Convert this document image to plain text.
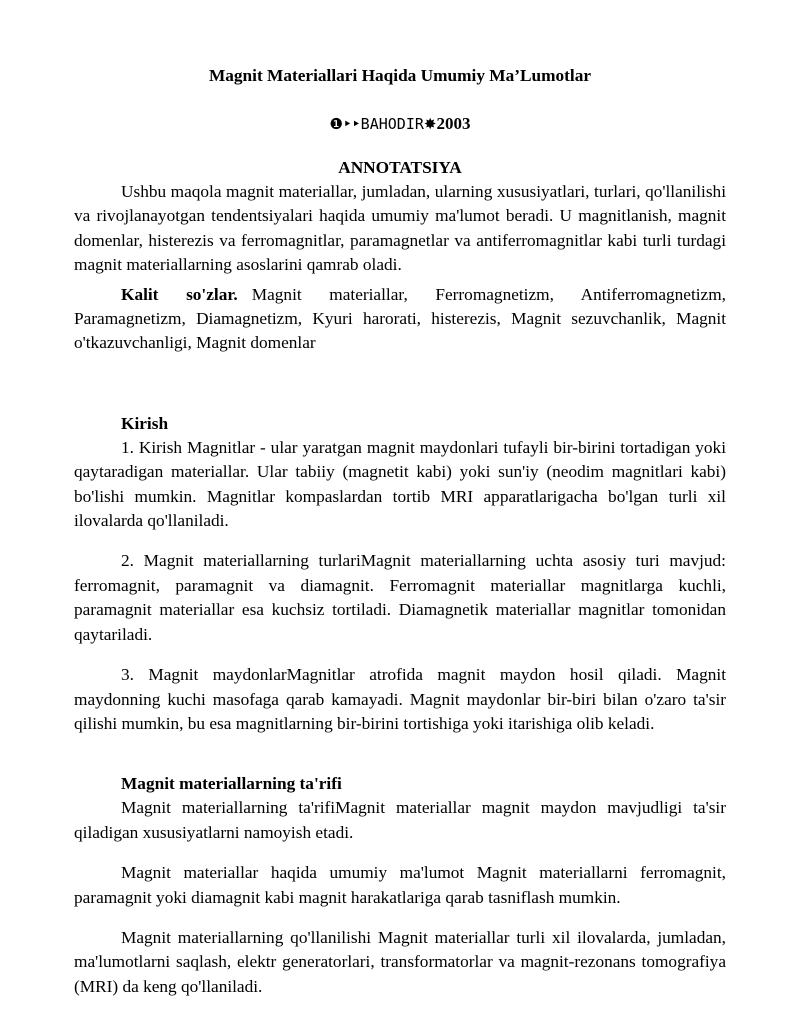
Magnit Materiallari Haqida Umumiy Ma’Lumotlar
❶‣‣BAHODIR✸2003
ANNOTATSIYA

Ushbu maqola magnit materiallar, jumladan, ularning xususiyatlari, turlari, qo'llanilishi va rivojlanayotgan tendentsiyalari haqida umumiy ma'lumot beradi. U magnitlanish, magnit domenlar, histerezis va ferromagnitlar, paramagnetlar va antiferromagnitlar kabi turli turdagi magnit materiallarning asoslarini qamrab oladi.

Kalit so'zlar. Magnit materiallar, Ferromagnetizm, Antiferromagnetizm, Paramagnetizm, Diamagnetizm, Kyuri harorati, histerezis, Magnit sezuvchanlik, Magnit o'tkazuvchanligi, Magnit domenlar

Kirish

1. Kirish Magnitlar - ular yaratgan magnit maydonlari tufayli bir-birini tortadigan yoki qaytaradigan materiallar. Ular tabiiy (magnetit kabi) yoki sun'iy (neodim magnitlari kabi) bo'lishi mumkin. Magnitlar kompaslardan tortib MRI apparatlarigacha bo'lgan turli xil ilovalarda qo'llaniladi.

2. Magnit materiallarning turlariMagnit materiallarning uchta asosiy turi mavjud: ferromagnit, paramagnit va diamagnit. Ferromagnit materiallar magnitlarga kuchli, paramagnit materiallar esa kuchsiz tortiladi. Diamagnetik materiallar magnitlar tomonidan qaytariladi.

3. Magnit maydonlarMagnitlar atrofida magnit maydon hosil qiladi. Magnit maydonning kuchi masofaga qarab kamayadi. Magnit maydonlar bir-biri bilan o'zaro ta'sir qilishi mumkin, bu esa magnitlarning bir-birini tortishiga yoki itarishiga olib keladi.

Magnit materiallarning ta'rifi

Magnit materiallarning ta'rifiMagnit materiallar magnit maydon mavjudligi ta'sir qiladigan xususiyatlarni namoyish etadi.

Magnit materiallar haqida umumiy ma'lumot Magnit materiallarni ferromagnit, paramagnit yoki diamagnit kabi magnit harakatlariga qarab tasniflash mumkin.

Magnit materiallarning qo'llanilishi Magnit materiallar turli xil ilovalarda, jumladan, ma'lumotlarni saqlash, elektr generatorlari, transformatorlar va magnit-rezonans tomografiya (MRI) da keng qo'llaniladi.
